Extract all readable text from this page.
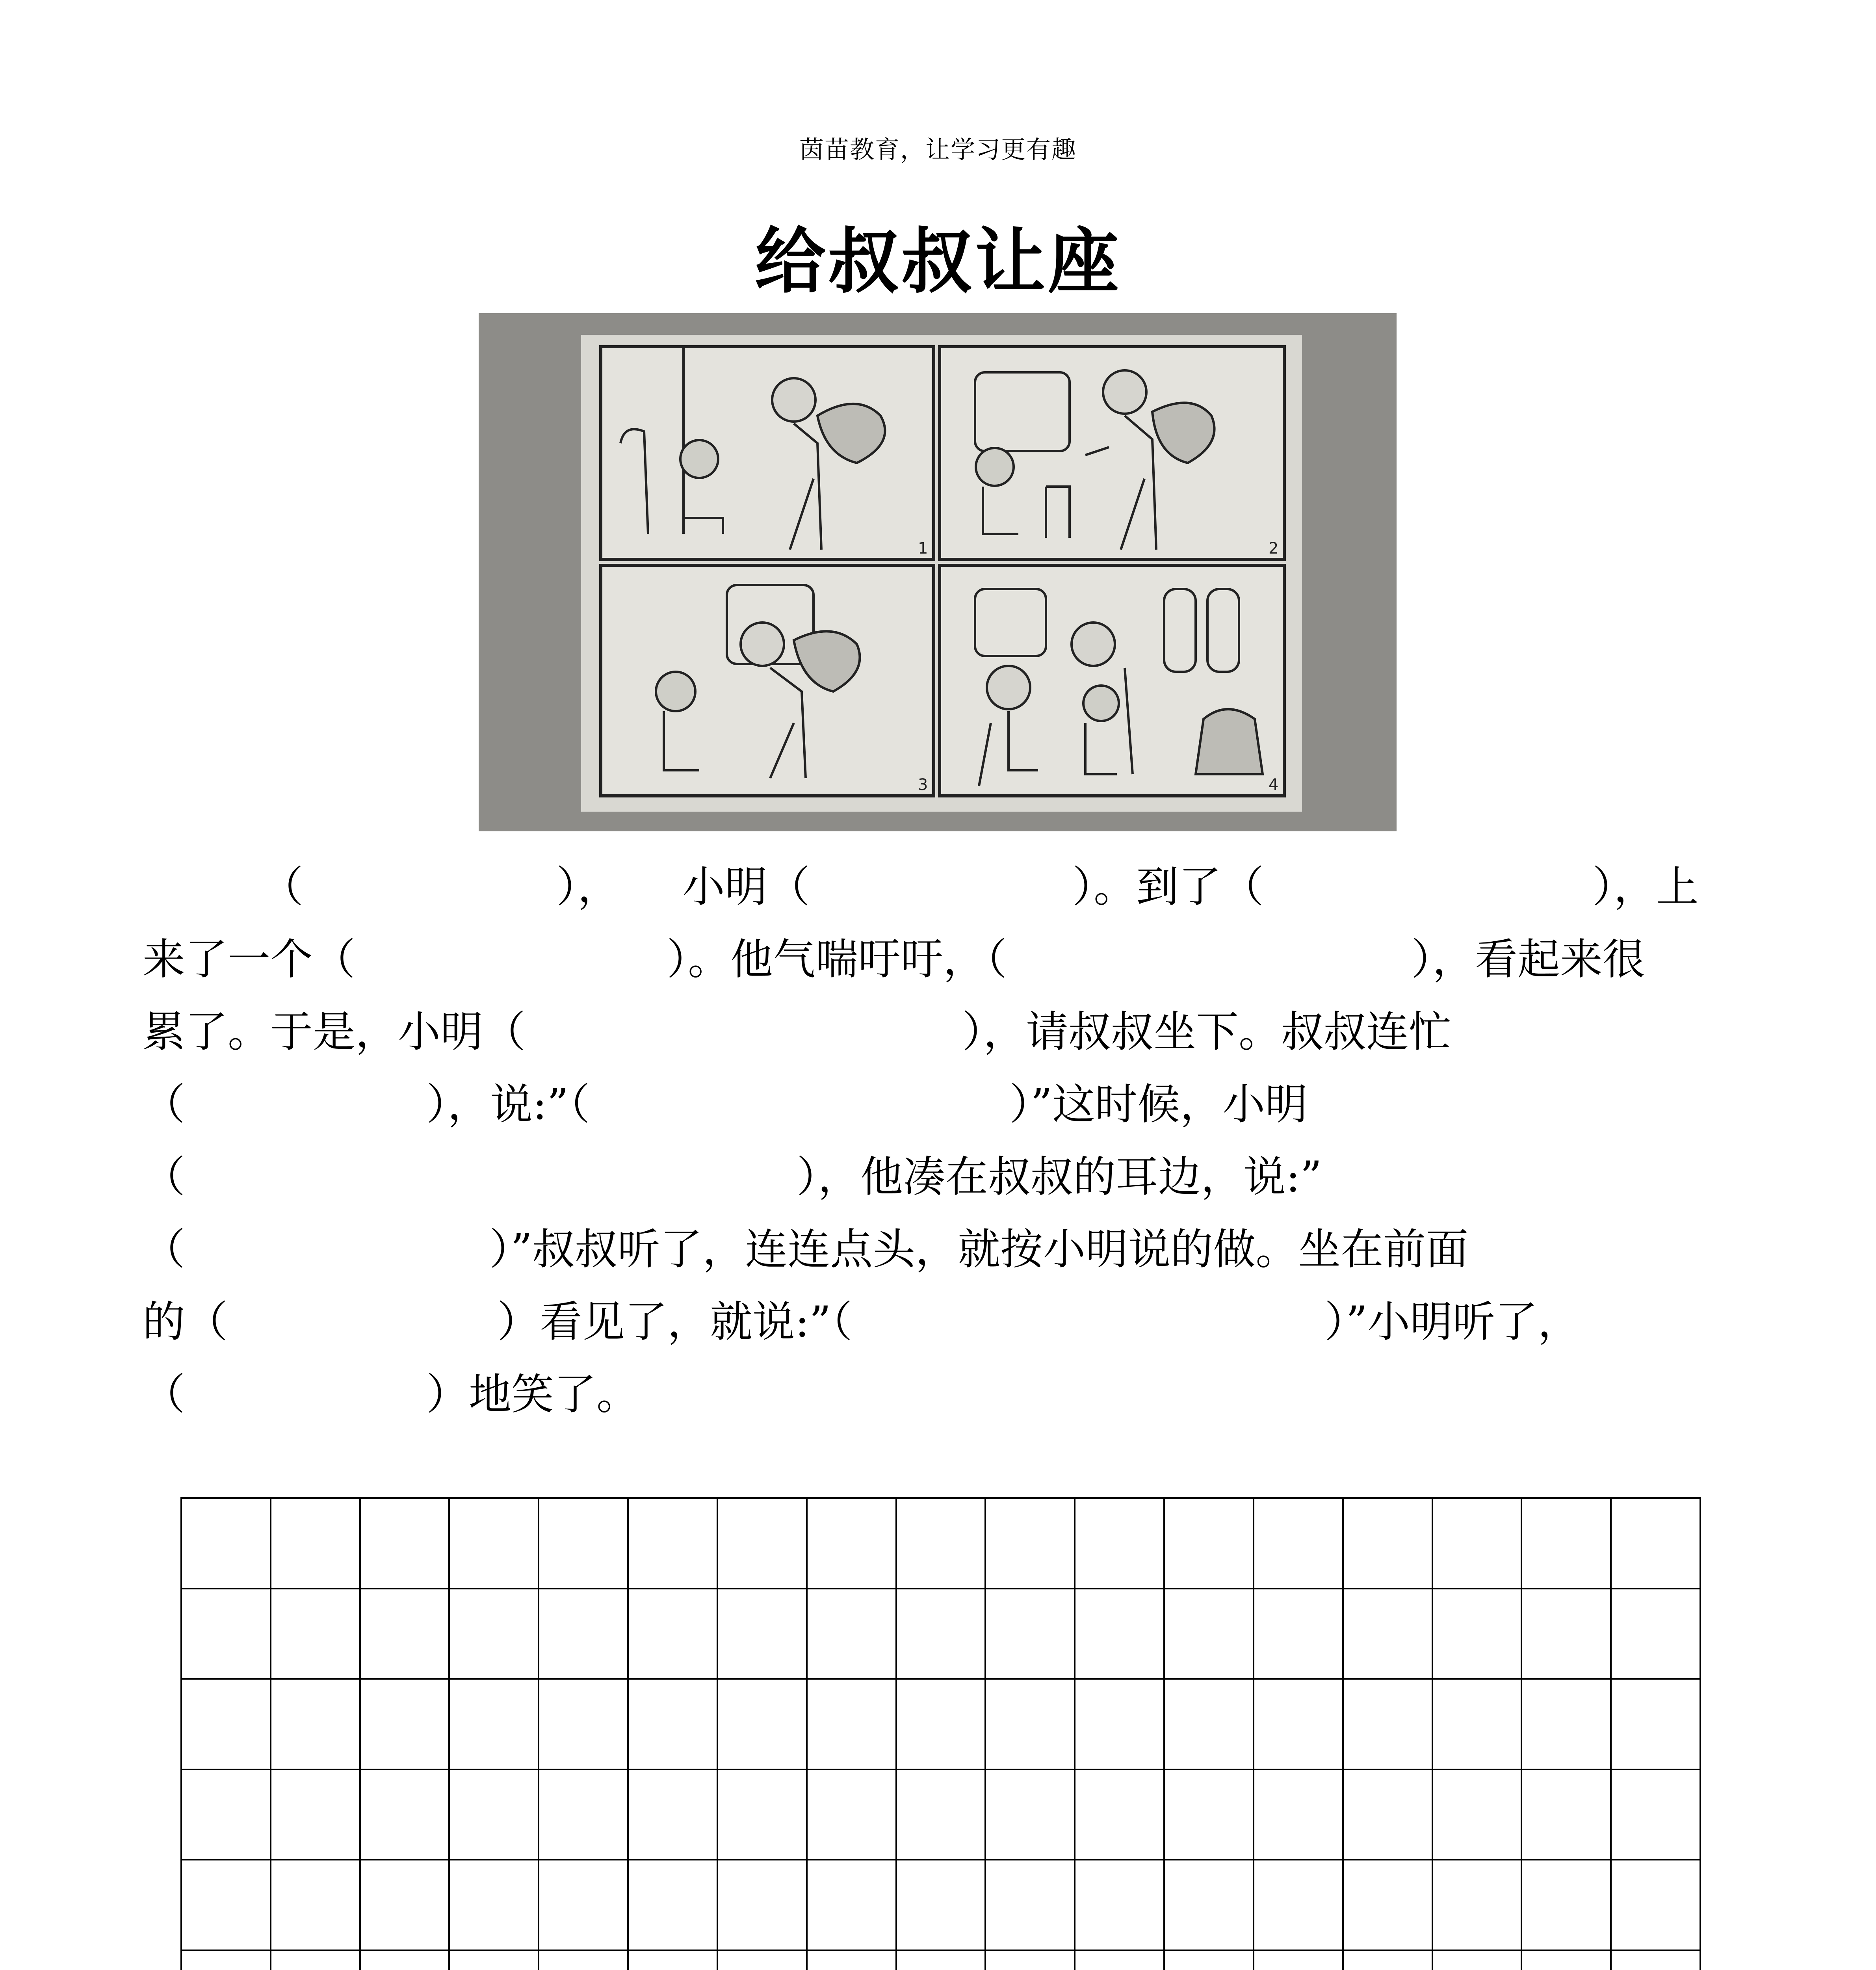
茵苗教育，让学习更有趣
给叔叔让座
1	2
3	4
（	）， 小明（	）。到了（	），上
来了一个（	）。他气喘吁吁，（	），看起来很
累了。于是，小明（	），请叔叔坐下。叔叔连忙
（	），说:”（	）”这时候，小明
（	），他凑在叔叔的耳边，说:”
（	）”叔叔听了，连连点头，就按小明说的做。坐在前面
的（	）看见了，就说:”（	）”小明听了，
（	）地笑了。
